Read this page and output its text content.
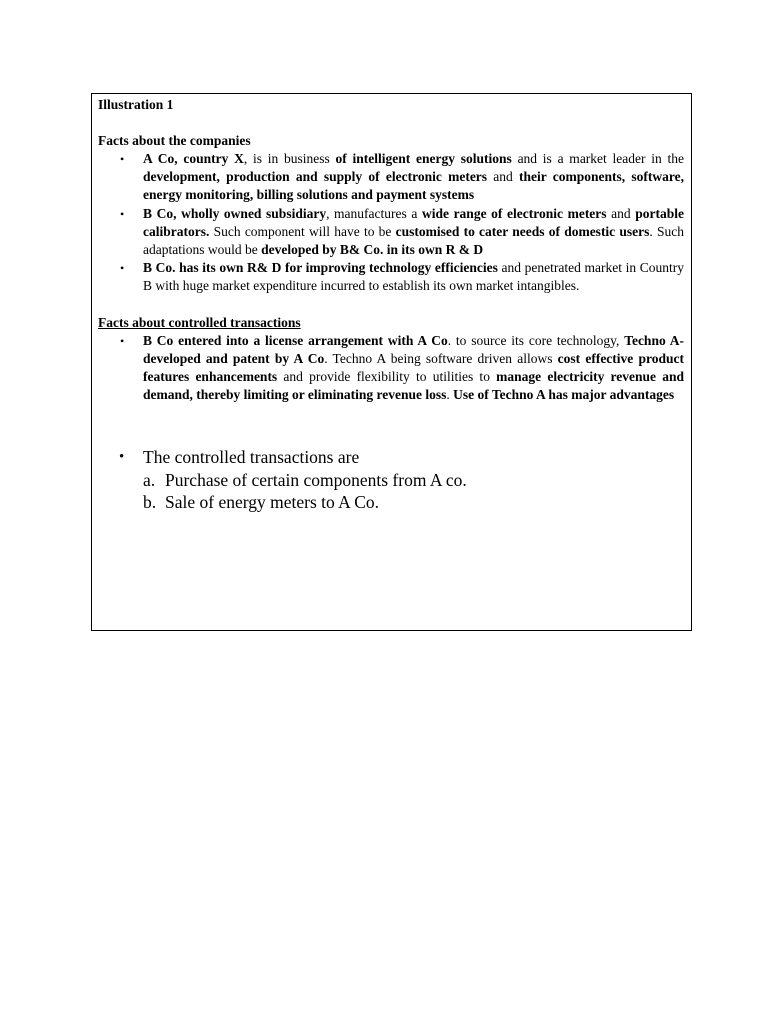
Illustration 1

Facts about the companies

• A Co, country X, is in business of intelligent energy solutions and is a market leader in the development, production and supply of electronic meters and their components, software, energy monitoring, billing solutions and payment systems
• B Co, wholly owned subsidiary, manufactures a wide range of electronic meters and portable calibrators. Such component will have to be customised to cater needs of domestic users. Such adaptations would be developed by B& Co. in its own R & D
• B Co. has its own R& D for improving technology efficiencies and penetrated market in Country B with huge market expenditure incurred to establish its own market intangibles.

Facts about controlled transactions

• B Co entered into a license arrangement with A Co. to source its core technology, Techno A- developed and patent by A Co. Techno A being software driven allows cost effective product features enhancements and provide flexibility to utilities to manage electricity revenue and demand, thereby limiting or eliminating revenue loss. Use of Techno A has major advantages
• The controlled transactions are
a. Purchase of certain components from A co.
b. Sale of energy meters to A Co.
